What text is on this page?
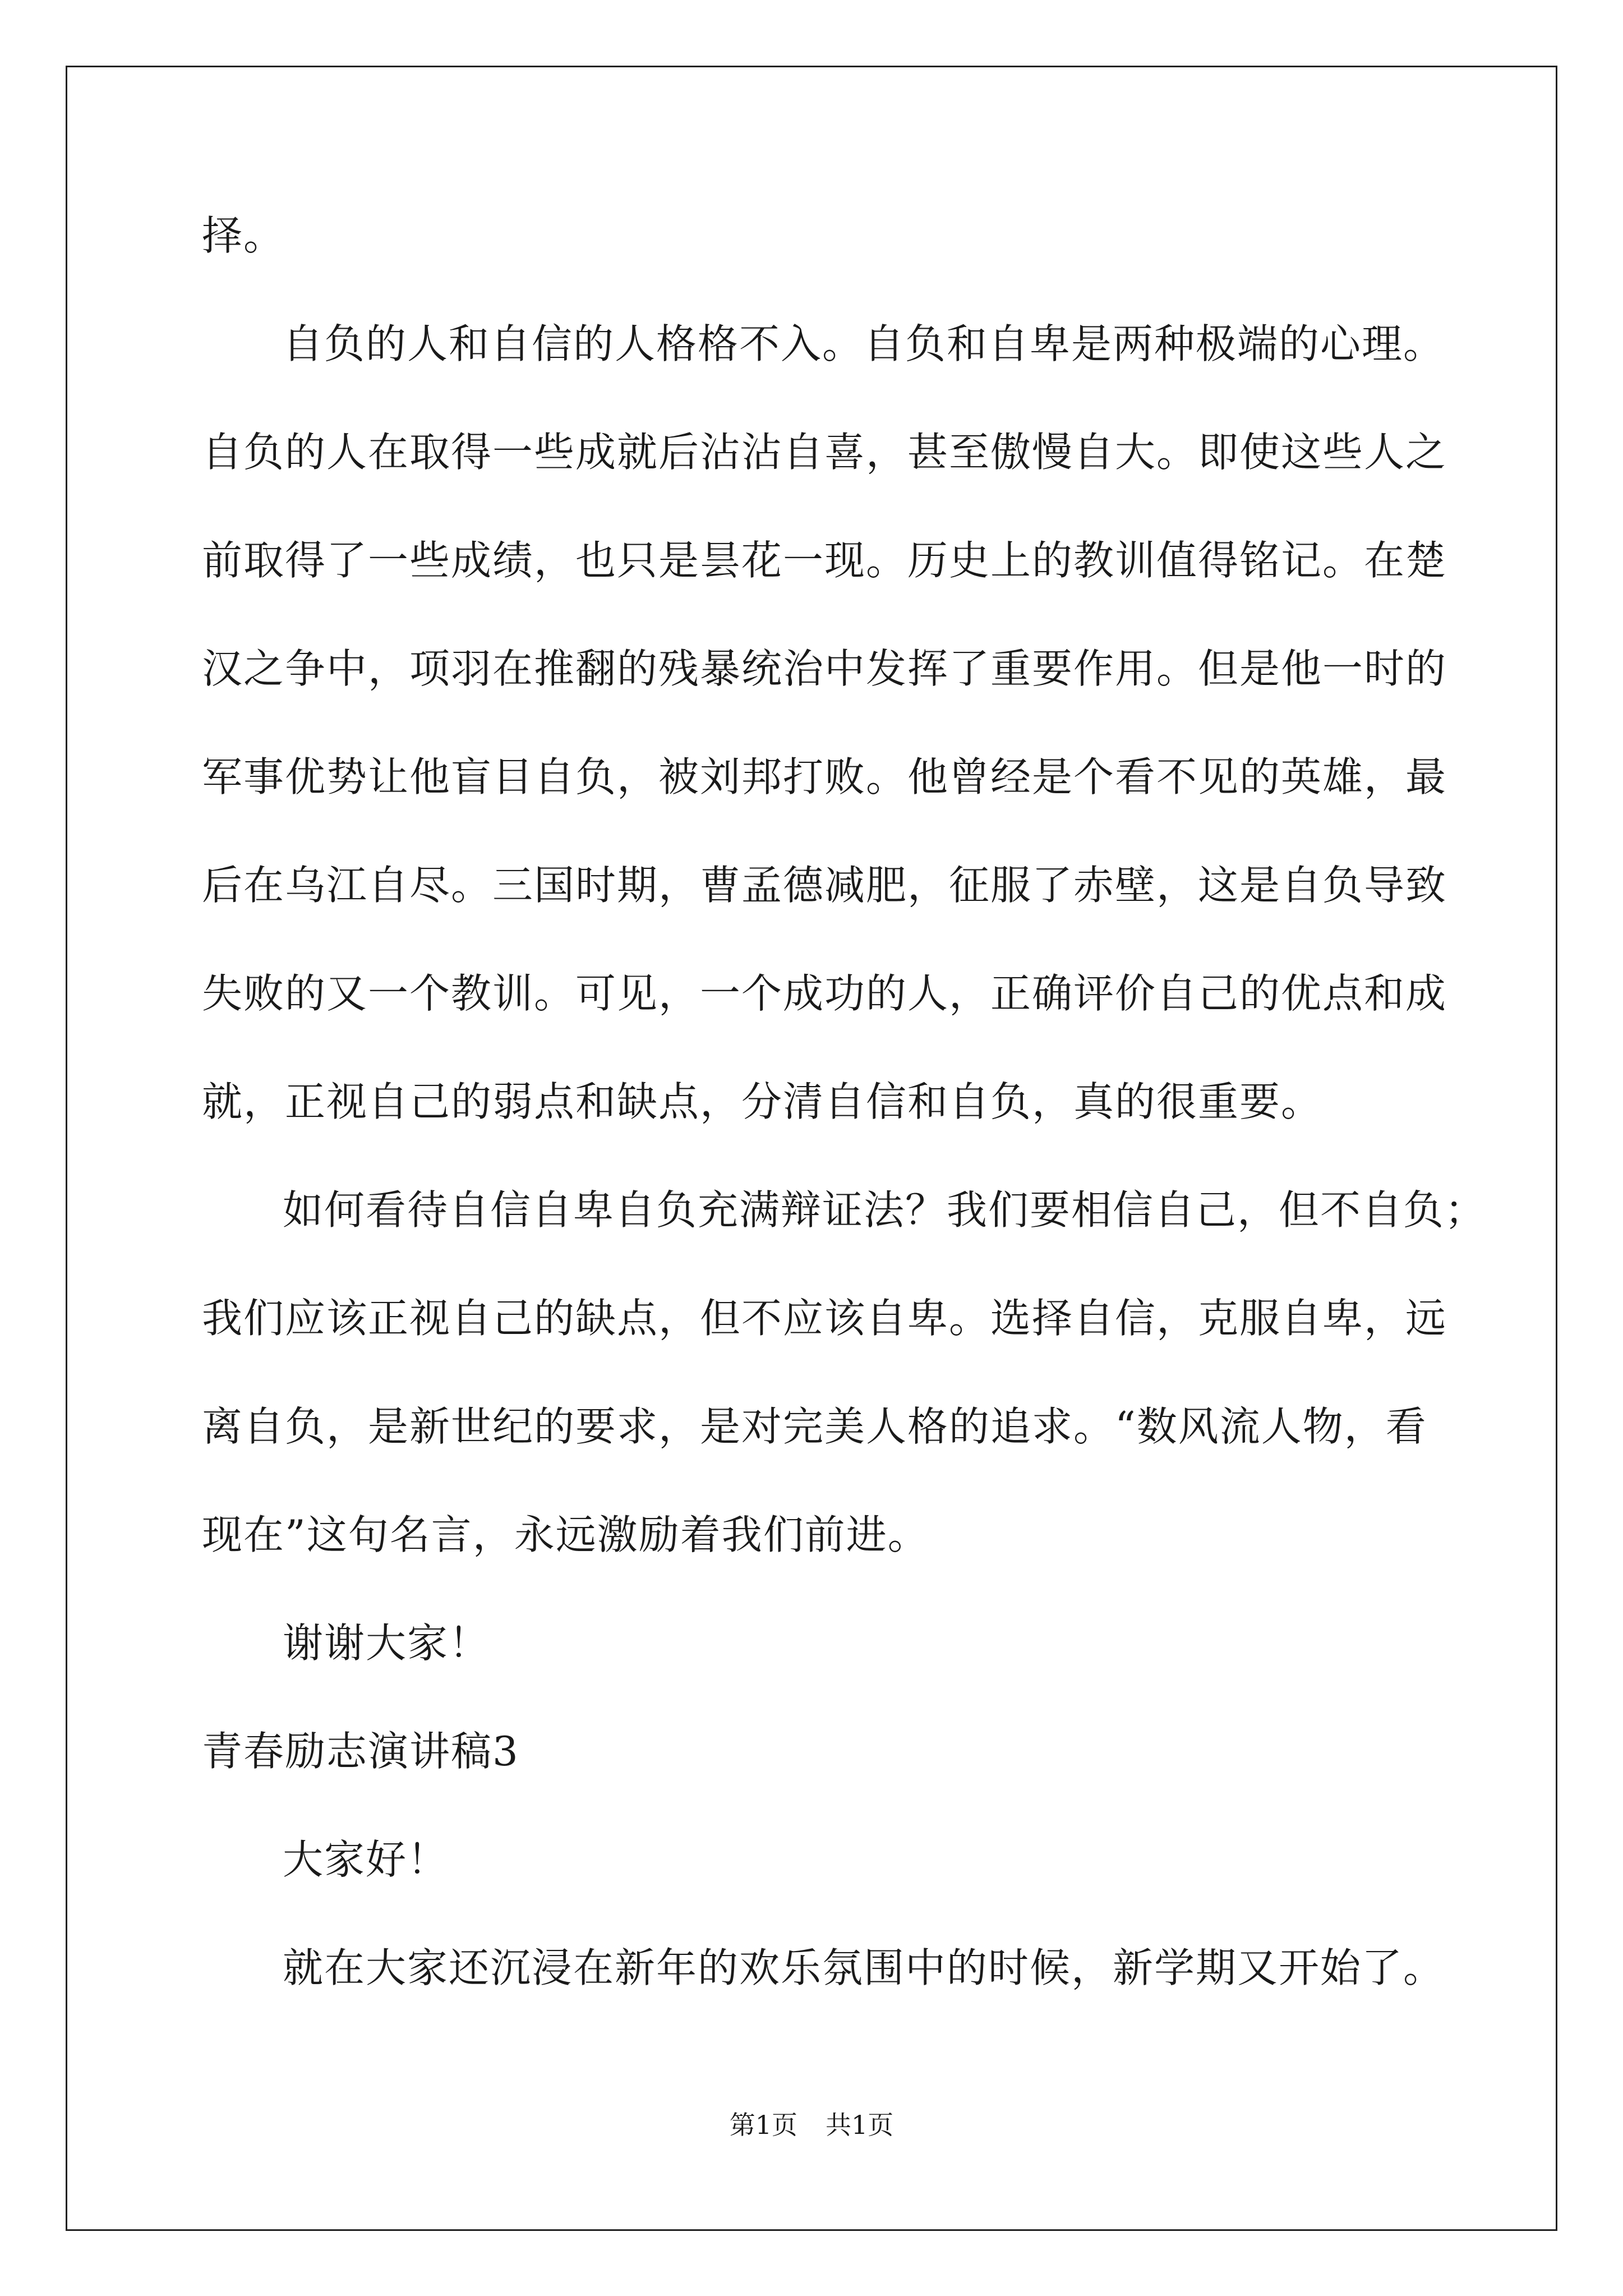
择。
自负的人和自信的人格格不入。自负和自卑是两种极端的心理。
自负的人在取得一些成就后沾沾自喜，甚至傲慢自大。即使这些人之
前取得了一些成绩，也只是昙花一现。历史上的教训值得铭记。在楚
汉之争中，项羽在推翻的残暴统治中发挥了重要作用。但是他一时的
军事优势让他盲目自负，被刘邦打败。他曾经是个看不见的英雄，最
后在乌江自尽。三国时期，曹孟德减肥，征服了赤壁，这是自负导致
失败的又一个教训。可见，一个成功的人，正确评价自己的优点和成
就，正视自己的弱点和缺点，分清自信和自负，真的很重要。
如何看待自信自卑自负充满辩证法？我们要相信自己，但不自负；
我们应该正视自己的缺点，但不应该自卑。选择自信，克服自卑，远
离自负，是新世纪的要求，是对完美人格的追求。“数风流人物，看
现在”这句名言，永远激励着我们前进。
谢谢大家！
青春励志演讲稿3
大家好！
就在大家还沉浸在新年的欢乐氛围中的时候，新学期又开始了。
第1页 共1页
